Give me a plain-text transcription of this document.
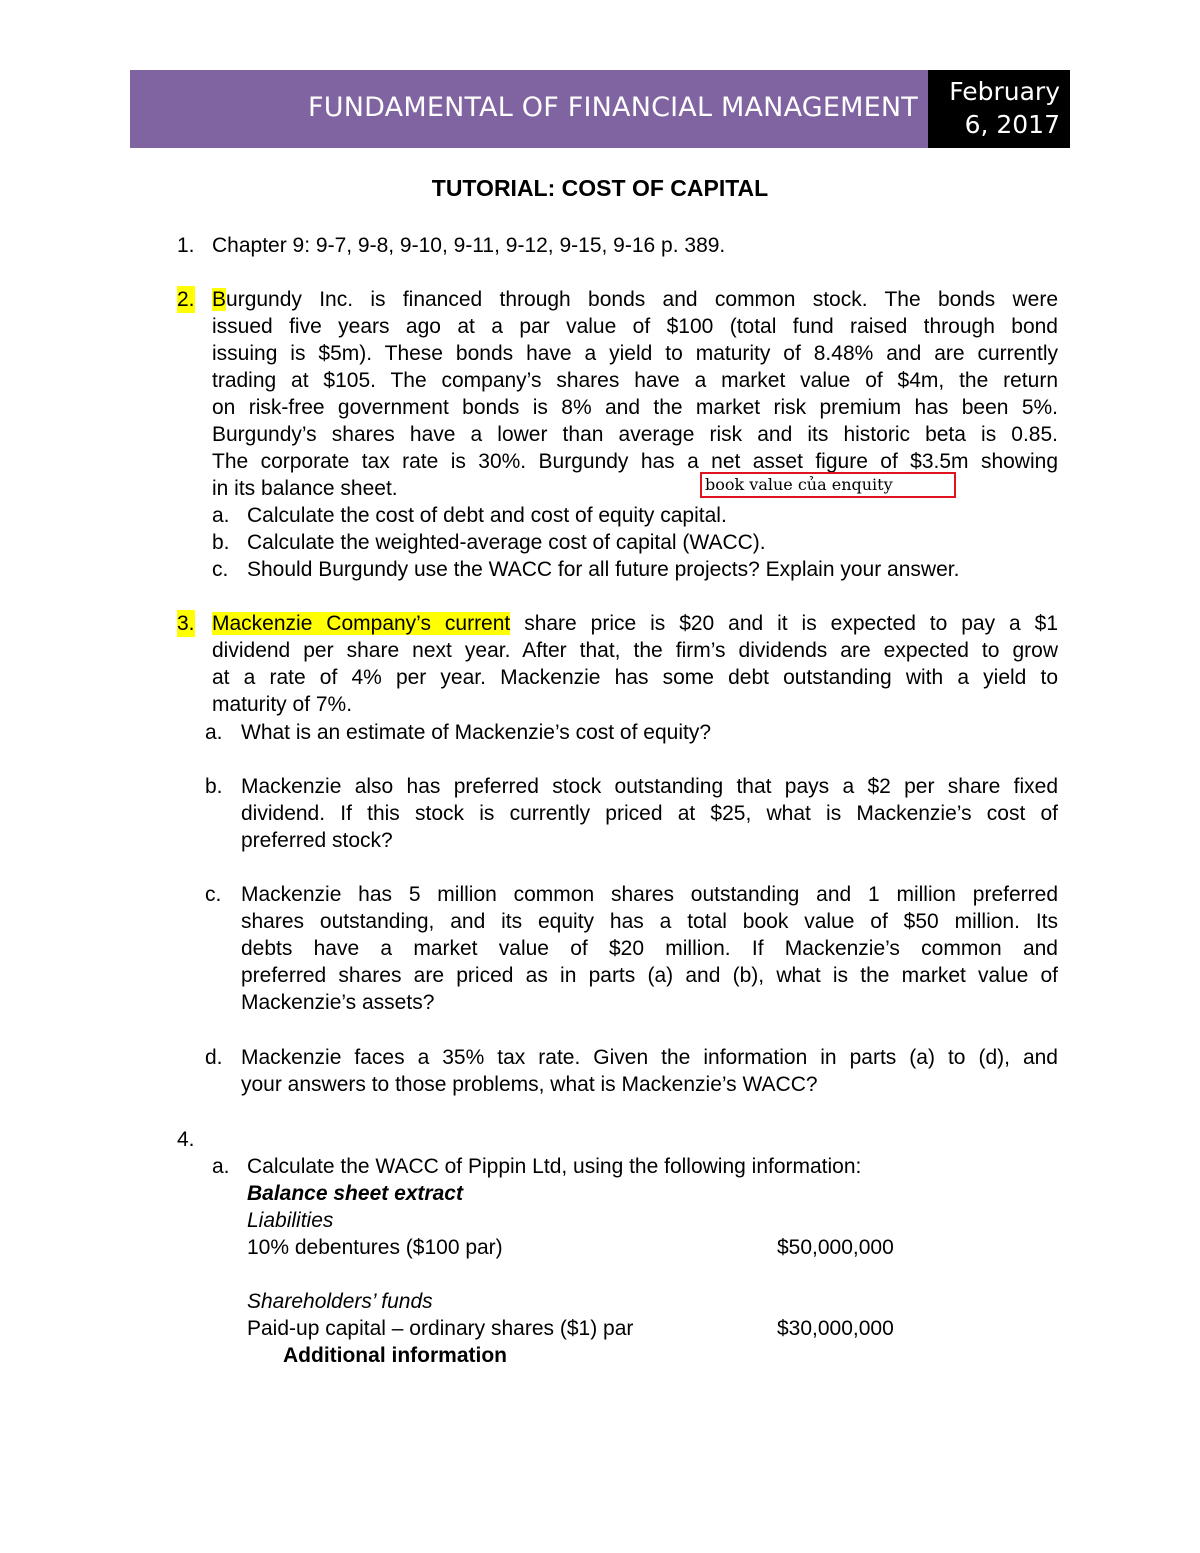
FUNDAMENTAL OF FINANCIAL MANAGEMENT
February
6, 2017
TUTORIAL: COST OF CAPITAL
1. Chapter 9: 9-7, 9-8, 9-10, 9-11, 9-12, 9-15, 9-16 p. 389.
2. Burgundy Inc. is financed through bonds and common stock. The bonds were
issued five years ago at a par value of $100 (total fund raised through bond
issuing is $5m). These bonds have a yield to maturity of 8.48% and are currently
trading at $105. The company’s shares have a market value of $4m, the return
on risk-free government bonds is 8% and the market risk premium has been 5%.
Burgundy’s shares have a lower than average risk and its historic beta is 0.85.
The corporate tax rate is 30%. Burgundy has a net asset figure of $3.5m showing
in its balance sheet.	book value của enquity
a. Calculate the cost of debt and cost of equity capital.
b. Calculate the weighted-average cost of capital (WACC).
c. Should Burgundy use the WACC for all future projects? Explain your answer.
3. Mackenzie Company’s current share price is $20 and it is expected to pay a $1
dividend per share next year. After that, the firm’s dividends are expected to grow
at a rate of 4% per year. Mackenzie has some debt outstanding with a yield to
maturity of 7%.
a. What is an estimate of Mackenzie’s cost of equity?
b. Mackenzie also has preferred stock outstanding that pays a $2 per share fixed
dividend. If this stock is currently priced at $25, what is Mackenzie’s cost of
preferred stock?
c. Mackenzie has 5 million common shares outstanding and 1 million preferred
shares outstanding, and its equity has a total book value of $50 million. Its
debts have a market value of $20 million. If Mackenzie’s common and
preferred shares are priced as in parts (a) and (b), what is the market value of
Mackenzie’s assets?
d. Mackenzie faces a 35% tax rate. Given the information in parts (a) to (d), and
your answers to those problems, what is Mackenzie’s WACC?
4.
a. Calculate the WACC of Pippin Ltd, using the following information:
Balance sheet extract
Liabilities
10% debentures ($100 par)	$50,000,000
Shareholders’ funds
Paid-up capital – ordinary shares ($1) par	$30,000,000
Additional information
